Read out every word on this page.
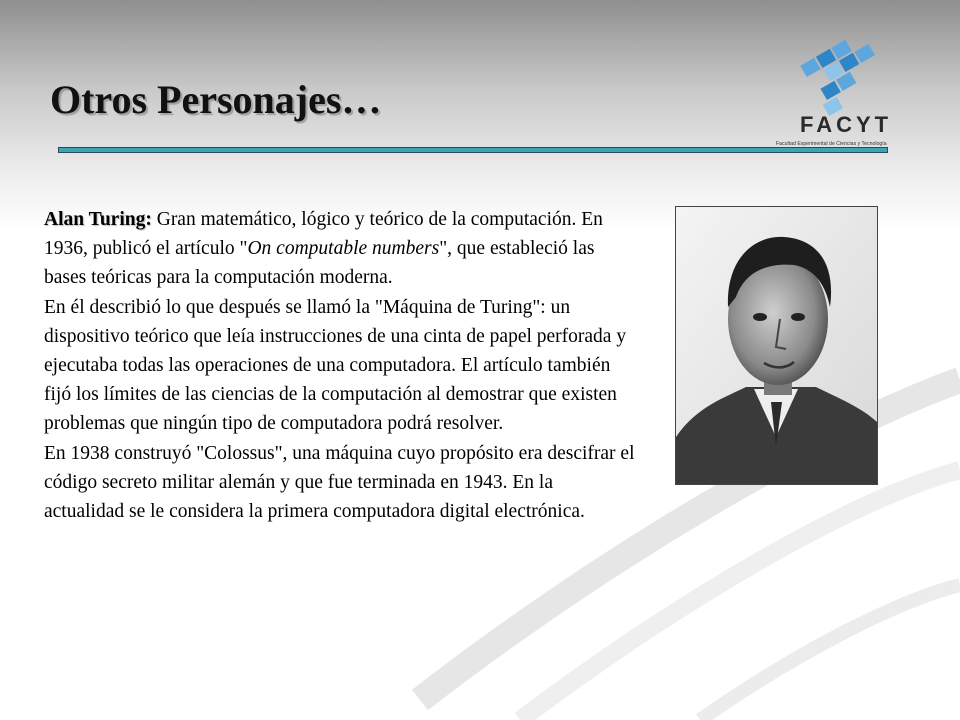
Otros Personajes…
FACYT
Facultad Experimental de Ciencias y Tecnología

Alan Turing: Gran matemático, lógico y teórico de la computación. En 1936, publicó el artículo "On computable numbers", que estableció las bases teóricas para la computación moderna.

En él describió lo que después se llamó la "Máquina de Turing": un dispositivo teórico que leía instrucciones de una cinta de papel perforada y ejecutaba todas las operaciones de una computadora. El artículo también fijó los límites de las ciencias de la computación al demostrar que existen problemas que ningún tipo de computadora podrá resolver.

En 1938 construyó "Colossus", una máquina cuyo propósito era descifrar el código secreto militar alemán y que fue terminada en 1943. En la actualidad se le considera la primera computadora digital electrónica.
